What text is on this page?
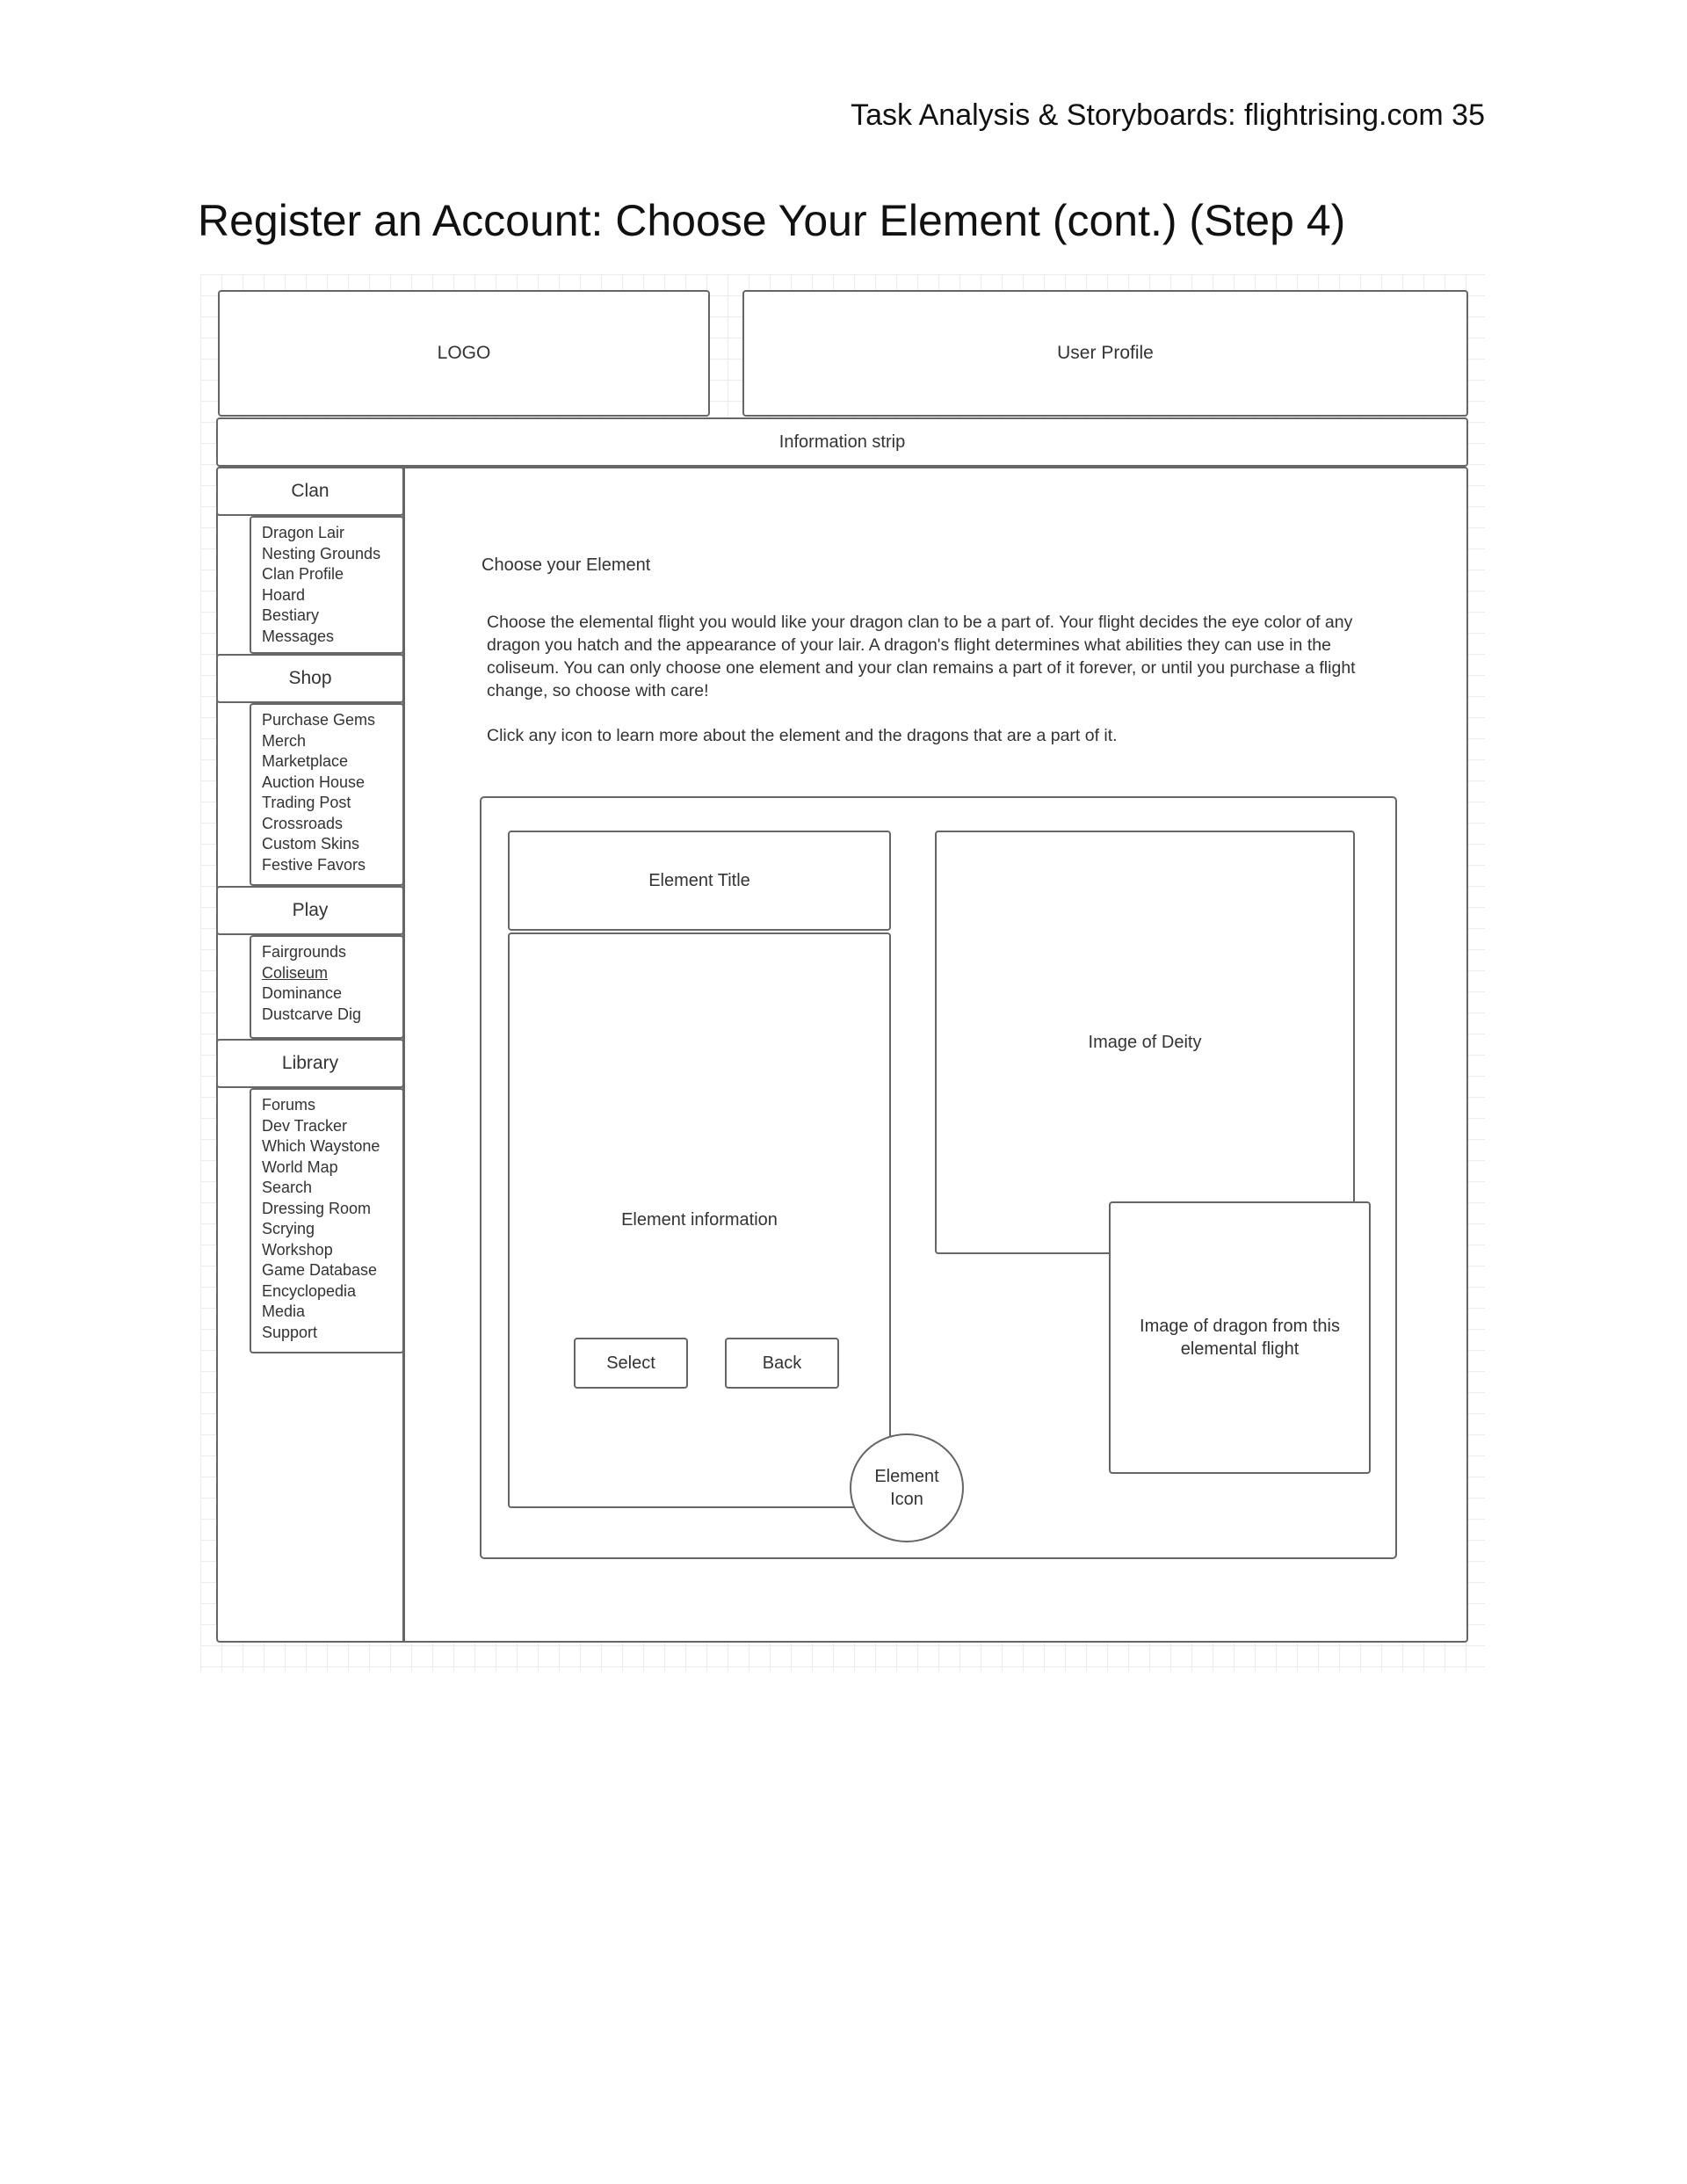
Task Analysis & Storyboards: flightrising.com 35
Register an Account: Choose Your Element (cont.) (Step 4)
LOGO	User Profile
Information strip
Clan
Dragon Lair
Nesting Grounds
Clan Profile
Hoard
Bestiary
Messages
Shop
Purchase Gems
Merch
Marketplace
Auction House
Trading Post
Crossroads
Custom Skins
Festive Favors
Play
Fairgrounds
Coliseum
Dominance
Dustcarve Dig
Library
Forums
Dev Tracker
Which Waystone
World Map
Search
Dressing Room
Scrying
Workshop
Game Database
Encyclopedia
Media
Support
Choose your Element
Choose the elemental flight you would like your dragon clan to be a part of. Your flight decides the eye color of any dragon you hatch and the appearance of your lair. A dragon's flight determines what abilities they can use in the coliseum. You can only choose one element and your clan remains a part of it forever, or until you purchase a flight change, so choose with care!
Click any icon to learn more about the element and the dragons that are a part of it.
Element Title
Element information
Select	Back
Image of Deity
Image of dragon from this elemental flight
Element Icon
